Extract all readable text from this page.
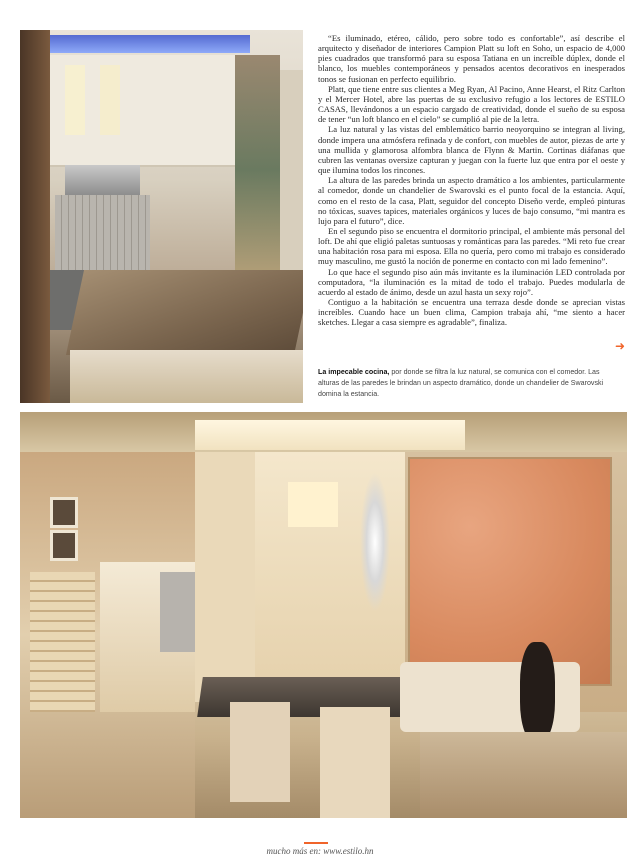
“Es iluminado, etéreo, cálido, pero sobre todo es confortable”, así describe el arquitecto y diseñador de interiores Campion Platt su loft en Soho, un espacio de 4,000 pies cuadrados que transformó para su esposa Tatiana en un increíble dúplex, donde el blanco, los muebles contemporáneos y pensados acentos decorativos en inesperados tonos se fusionan en perfecto equilibrio.

Platt, que tiene entre sus clientes a Meg Ryan, Al Pacino, Anne Hearst, el Ritz Carlton y el Mercer Hotel, abre las puertas de su exclusivo refugio a los lectores de ESTILO CASAS, llevándonos a un espacio cargado de creatividad, donde el sueño de su esposa de tener “un loft blanco en el cielo” se cumplió al pie de la letra.

La luz natural y las vistas del emblemático barrio neoyorquino se integran al living, donde impera una atmósfera refinada y de confort, con muebles de autor, piezas de arte y una mullida y glamorosa alfombra blanca de Flynn & Martin. Cortinas diáfanas que cubren las ventanas oversize capturan y juegan con la fuerte luz que entra por el oeste y que ilumina todos los rincones.

La altura de las paredes brinda un aspecto dramático a los ambientes, particularmente al comedor, donde un chandelier de Swarovski es el punto focal de la estancia. Aquí, como en el resto de la casa, Platt, seguidor del concepto Diseño verde, empleó pinturas no tóxicas, suaves tapices, materiales orgánicos y luces de bajo consumo, “mi mantra es lujo para el futuro”, dice.

En el segundo piso se encuentra el dormitorio principal, el ambiente más personal del loft. De ahí que eligió paletas suntuosas y románticas para las paredes. “Mi reto fue crear una habitación rosa para mi esposa. Ella no quería, pero como mi trabajo es considerado muy masculino, me gustó la noción de ponerme en contacto con mi lado femenino”.

Lo que hace el segundo piso aún más invitante es la iluminación LED controlada por computadora, “la iluminación es la mitad de todo el trabajo. Puedes modularla de acuerdo al estado de ánimo, desde un azul hasta un sexy rojo”.

Contiguo a la habitación se encuentra una terraza desde donde se aprecian vistas increíbles. Cuando hace un buen clima, Campion trabaja ahí, “me siento a hacer sketches. Llegar a casa siempre es agradable”, finaliza.

➜
La impecable cocina, por donde se filtra la luz natural, se comunica con el comedor. Las alturas de las paredes le brindan un aspecto dramático, donde un chandelier de Swarovski domina la estancia.
mucho más en: www.estilo.hn
